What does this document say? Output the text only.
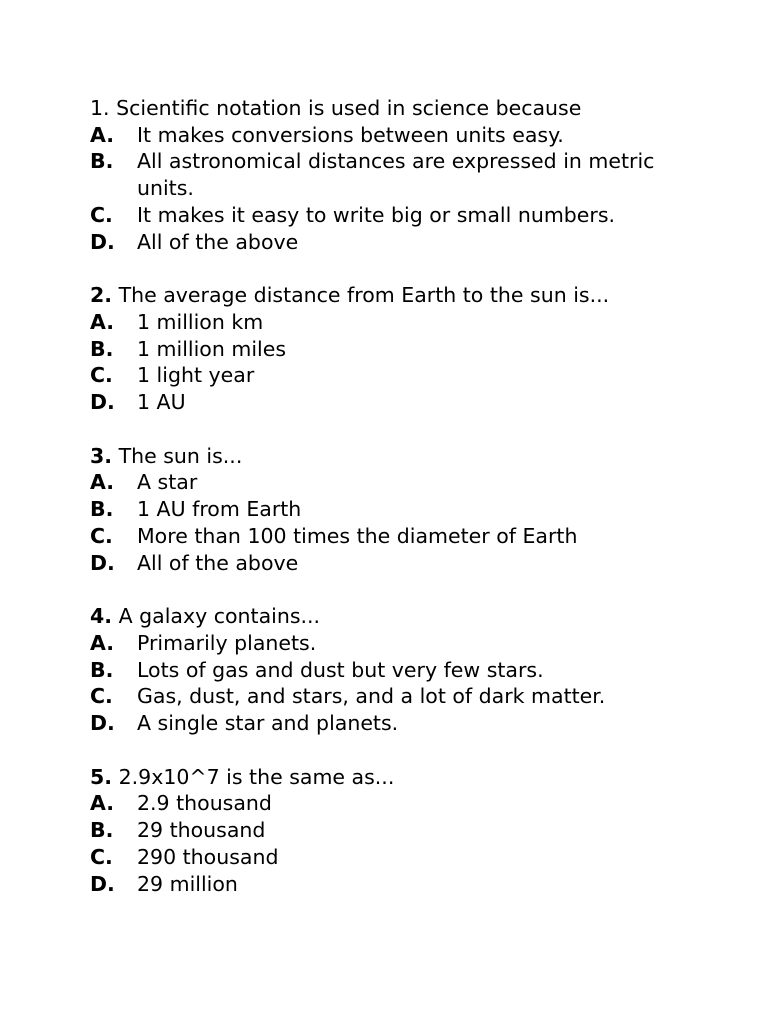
1. Scientific notation is used in science because
A. It makes conversions between units easy.
B. All astronomical distances are expressed in metric units.
C. It makes it easy to write big or small numbers.
D. All of the above
2. The average distance from Earth to the sun is...
A. 1 million km
B. 1 million miles
C. 1 light year
D. 1 AU
3. The sun is...
A. A star
B. 1 AU from Earth
C. More than 100 times the diameter of Earth
D. All of the above
4. A galaxy contains...
A. Primarily planets.
B. Lots of gas and dust but very few stars.
C. Gas, dust, and stars, and a lot of dark matter.
D. A single star and planets.
5. 2.9x10^7 is the same as...
A. 2.9 thousand
B. 29 thousand
C. 290 thousand
D. 29 million
